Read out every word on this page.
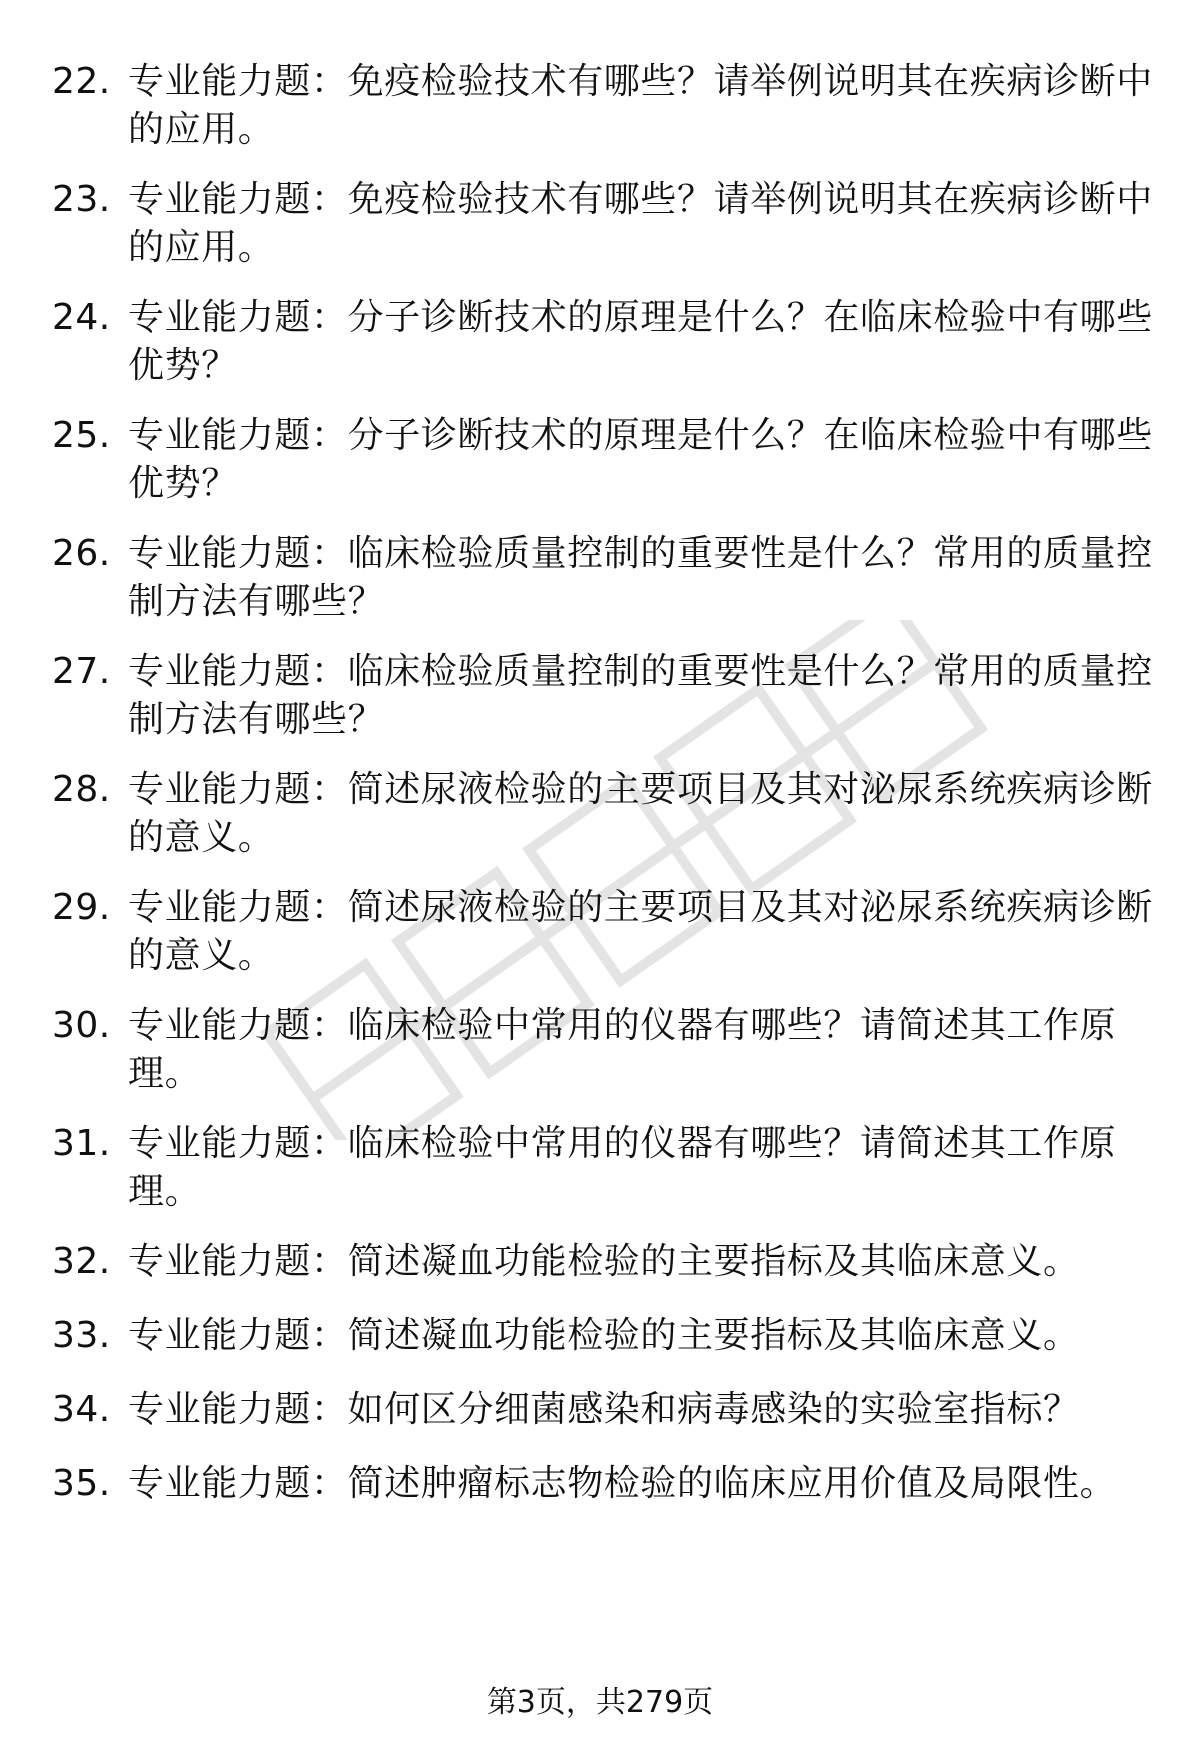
22. 专业能力题：免疫检验技术有哪些？请举例说明其在疾病诊断中
的应用。
23. 专业能力题：免疫检验技术有哪些？请举例说明其在疾病诊断中
的应用。
24. 专业能力题：分子诊断技术的原理是什么？在临床检验中有哪些
优势？
25. 专业能力题：分子诊断技术的原理是什么？在临床检验中有哪些
优势？
26. 专业能力题：临床检验质量控制的重要性是什么？常用的质量控
制方法有哪些？
27. 专业能力题：临床检验质量控制的重要性是什么？常用的质量控
制方法有哪些？
28. 专业能力题：简述尿液检验的主要项目及其对泌尿系统疾病诊断
的意义。
29. 专业能力题：简述尿液检验的主要项目及其对泌尿系统疾病诊断
的意义。
30. 专业能力题：临床检验中常用的仪器有哪些？请简述其工作原
理。
31. 专业能力题：临床检验中常用的仪器有哪些？请简述其工作原
理。
32. 专业能力题：简述凝血功能检验的主要指标及其临床意义。
33. 专业能力题：简述凝血功能检验的主要指标及其临床意义。
34. 专业能力题：如何区分细菌感染和病毒感染的实验室指标？
35. 专业能力题：简述肿瘤标志物检验的临床应用价值及局限性。
第3页，共279页
